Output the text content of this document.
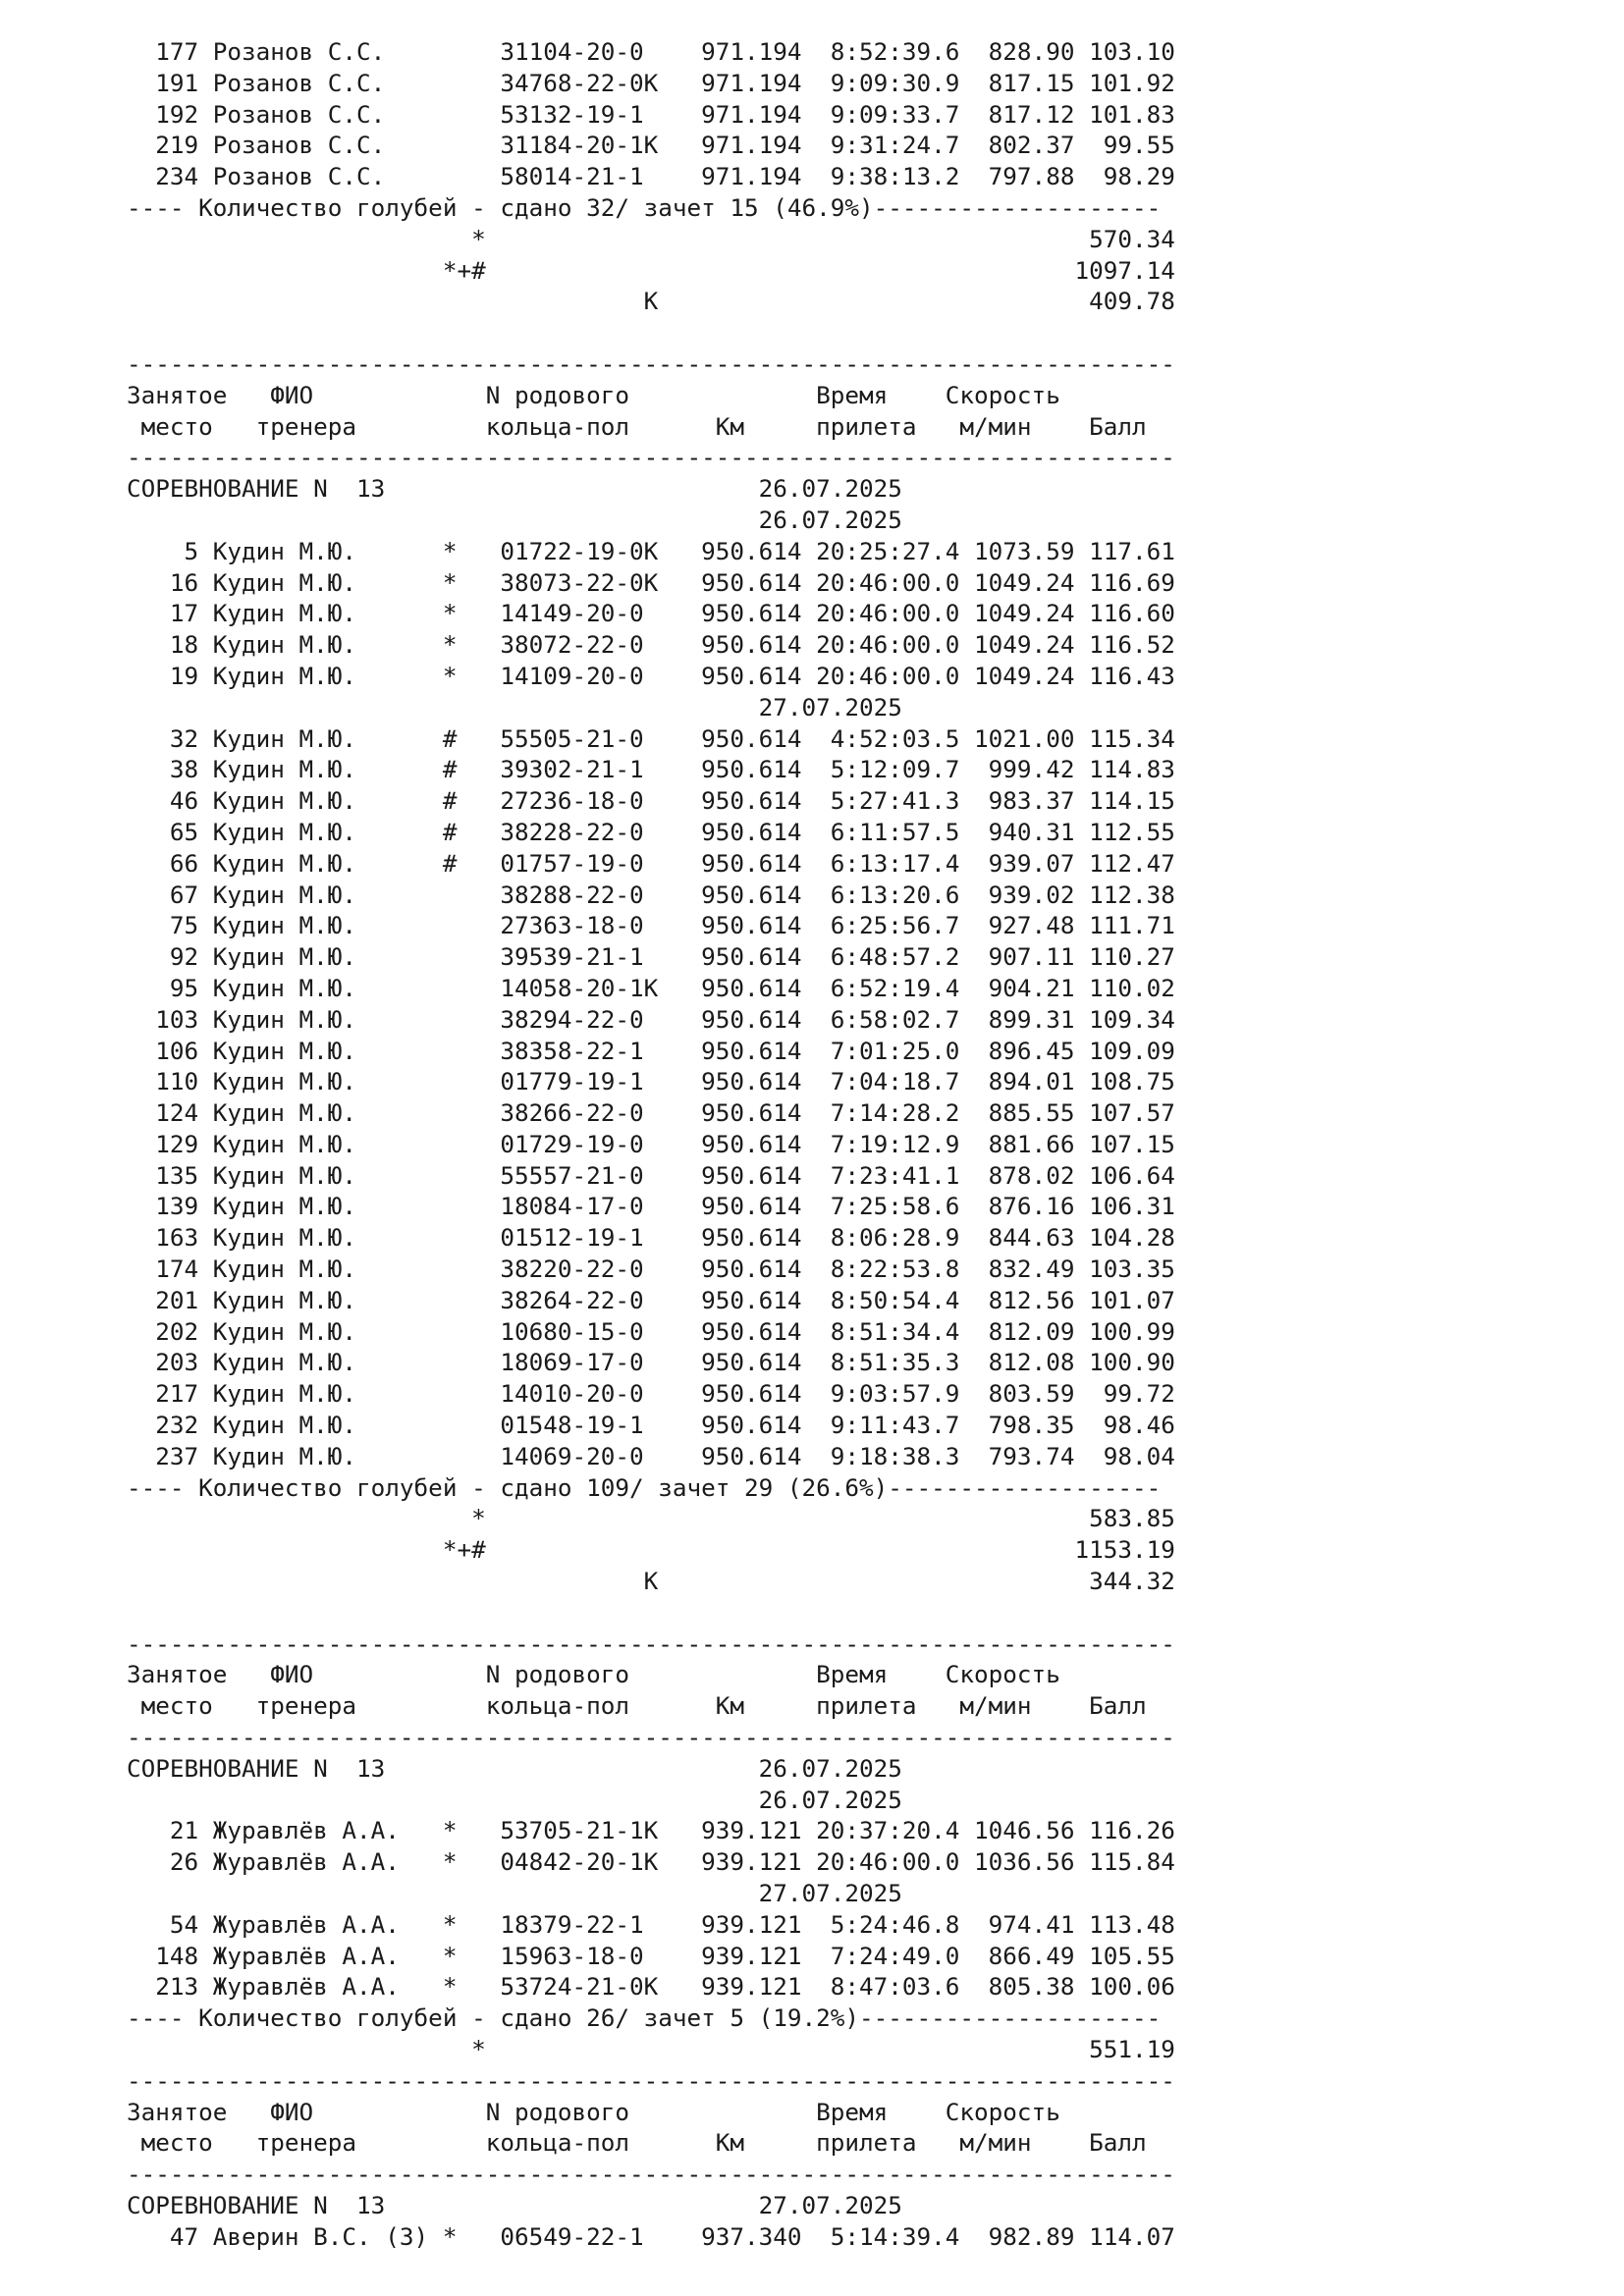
177 Розанов С.С.        31104-20-0    971.194  8:52:39.6  828.90 103.10
191 Розанов С.С.        34768-22-0К   971.194  9:09:30.9  817.15 101.92
192 Розанов С.С.        53132-19-1    971.194  9:09:33.7  817.12 101.83
219 Розанов С.С.        31184-20-1К   971.194  9:31:24.7  802.37  99.55
234 Розанов С.С.        58014-21-1    971.194  9:38:13.2  797.88  98.29
---- Количество голубей - сдано 32/ зачет 15 (46.9%)--------------------
*                                          570.34
*+#                                         1097.14
К                              409.78
-------------------------------------------------------------------------
Занятое   ФИО            N родового             Время    Скорость
место   тренера         кольца-пол      Км     прилета   м/мин    Балл
-------------------------------------------------------------------------
СОРЕВНОВАНИЕ N  13                          26.07.2025
26.07.2025
5 Кудин М.Ю.      *   01722-19-0К   950.614 20:25:27.4 1073.59 117.61
16 Кудин М.Ю.      *   38073-22-0К   950.614 20:46:00.0 1049.24 116.69
17 Кудин М.Ю.      *   14149-20-0    950.614 20:46:00.0 1049.24 116.60
18 Кудин М.Ю.      *   38072-22-0    950.614 20:46:00.0 1049.24 116.52
19 Кудин М.Ю.      *   14109-20-0    950.614 20:46:00.0 1049.24 116.43
27.07.2025
32 Кудин М.Ю.      #   55505-21-0    950.614  4:52:03.5 1021.00 115.34
38 Кудин М.Ю.      #   39302-21-1    950.614  5:12:09.7  999.42 114.83
46 Кудин М.Ю.      #   27236-18-0    950.614  5:27:41.3  983.37 114.15
65 Кудин М.Ю.      #   38228-22-0    950.614  6:11:57.5  940.31 112.55
66 Кудин М.Ю.      #   01757-19-0    950.614  6:13:17.4  939.07 112.47
67 Кудин М.Ю.          38288-22-0    950.614  6:13:20.6  939.02 112.38
75 Кудин М.Ю.          27363-18-0    950.614  6:25:56.7  927.48 111.71
92 Кудин М.Ю.          39539-21-1    950.614  6:48:57.2  907.11 110.27
95 Кудин М.Ю.          14058-20-1К   950.614  6:52:19.4  904.21 110.02
103 Кудин М.Ю.          38294-22-0    950.614  6:58:02.7  899.31 109.34
106 Кудин М.Ю.          38358-22-1    950.614  7:01:25.0  896.45 109.09
110 Кудин М.Ю.          01779-19-1    950.614  7:04:18.7  894.01 108.75
124 Кудин М.Ю.          38266-22-0    950.614  7:14:28.2  885.55 107.57
129 Кудин М.Ю.          01729-19-0    950.614  7:19:12.9  881.66 107.15
135 Кудин М.Ю.          55557-21-0    950.614  7:23:41.1  878.02 106.64
139 Кудин М.Ю.          18084-17-0    950.614  7:25:58.6  876.16 106.31
163 Кудин М.Ю.          01512-19-1    950.614  8:06:28.9  844.63 104.28
174 Кудин М.Ю.          38220-22-0    950.614  8:22:53.8  832.49 103.35
201 Кудин М.Ю.          38264-22-0    950.614  8:50:54.4  812.56 101.07
202 Кудин М.Ю.          10680-15-0    950.614  8:51:34.4  812.09 100.99
203 Кудин М.Ю.          18069-17-0    950.614  8:51:35.3  812.08 100.90
217 Кудин М.Ю.          14010-20-0    950.614  9:03:57.9  803.59  99.72
232 Кудин М.Ю.          01548-19-1    950.614  9:11:43.7  798.35  98.46
237 Кудин М.Ю.          14069-20-0    950.614  9:18:38.3  793.74  98.04
---- Количество голубей - сдано 109/ зачет 29 (26.6%)-------------------
*                                          583.85
*+#                                         1153.19
К                              344.32
-------------------------------------------------------------------------
Занятое   ФИО            N родового             Время    Скорость
место   тренера         кольца-пол      Км     прилета   м/мин    Балл
-------------------------------------------------------------------------
СОРЕВНОВАНИЕ N  13                          26.07.2025
26.07.2025
21 Журавлёв А.А.   *   53705-21-1К   939.121 20:37:20.4 1046.56 116.26
26 Журавлёв А.А.   *   04842-20-1К   939.121 20:46:00.0 1036.56 115.84
27.07.2025
54 Журавлёв А.А.   *   18379-22-1    939.121  5:24:46.8  974.41 113.48
148 Журавлёв А.А.   *   15963-18-0    939.121  7:24:49.0  866.49 105.55
213 Журавлёв А.А.   *   53724-21-0К   939.121  8:47:03.6  805.38 100.06
---- Количество голубей - сдано 26/ зачет 5 (19.2%)---------------------
*                                          551.19
-------------------------------------------------------------------------
Занятое   ФИО            N родового             Время    Скорость
место   тренера         кольца-пол      Км     прилета   м/мин    Балл
-------------------------------------------------------------------------
СОРЕВНОВАНИЕ N  13                          27.07.2025
47 Аверин В.С. (З) *   06549-22-1    937.340  5:14:39.4  982.89 114.07
